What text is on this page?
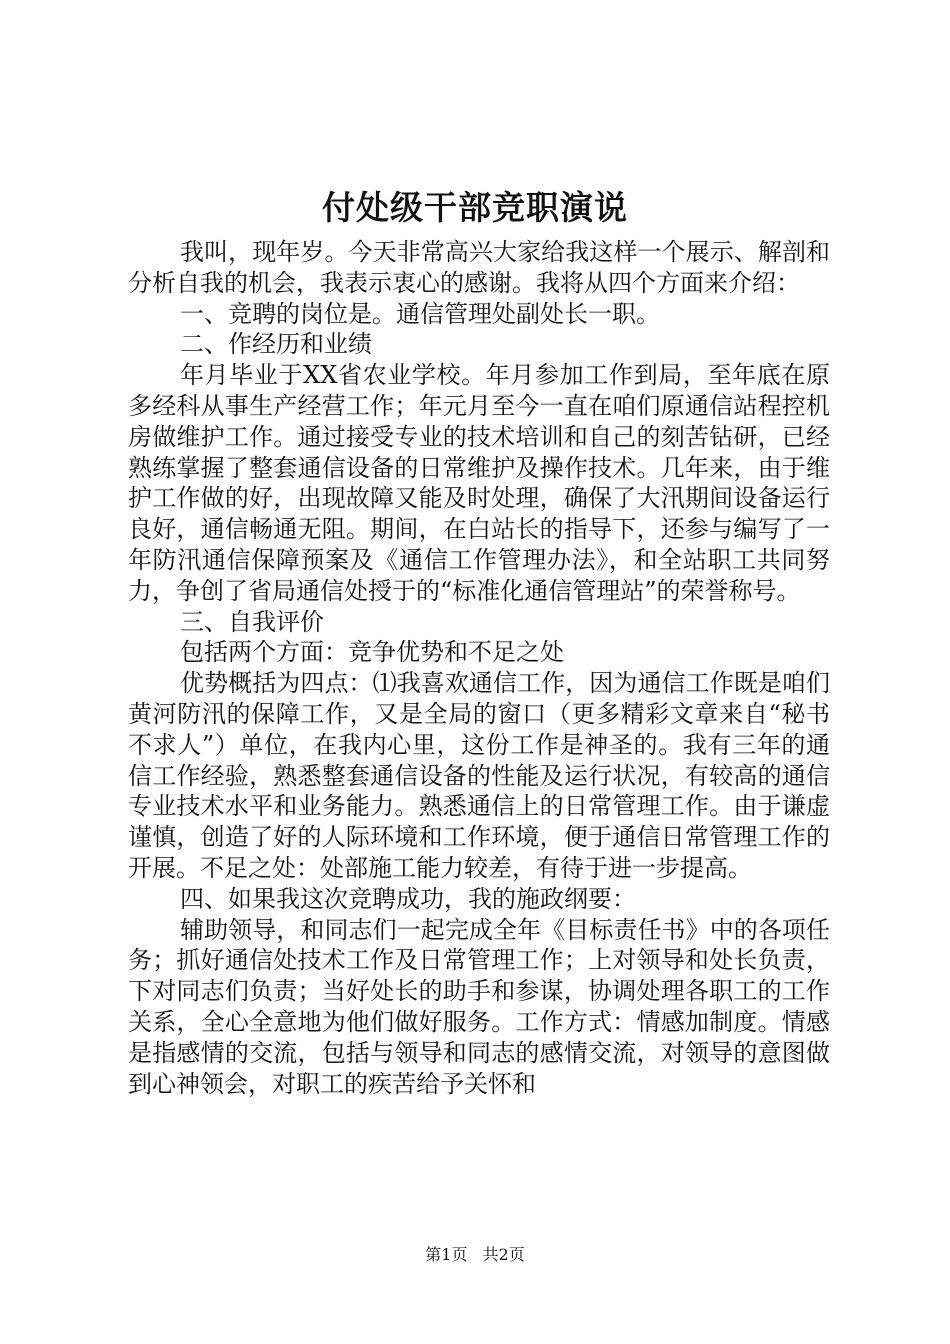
付处级干部竞职演说

我叫，现年岁。今天非常高兴大家给我这样一个展示、解剖和分析自我的机会，我表示衷心的感谢。我将从四个方面来介绍：

一、竞聘的岗位是。通信管理处副处长一职。

二、作经历和业绩

年月毕业于XX省农业学校。年月参加工作到局，至年底在原多经科从事生产经营工作；年元月至今一直在咱们原通信站程控机房做维护工作。通过接受专业的技术培训和自己的刻苦钻研，已经熟练掌握了整套通信设备的日常维护及操作技术。几年来，由于维护工作做的好，出现故障又能及时处理，确保了大汛期间设备运行良好，通信畅通无阻。期间，在白站长的指导下，还参与编写了一年防汛通信保障预案及《通信工作管理办法》，和全站职工共同努力，争创了省局通信处授于的“标准化通信管理站”的荣誉称号。

三、自我评价

包括两个方面：竞争优势和不足之处

优势概括为四点：⑴我喜欢通信工作，因为通信工作既是咱们黄河防汛的保障工作，又是全局的窗口（更多精彩文章来自“秘书不求人”）单位，在我内心里，这份工作是神圣的。我有三年的通信工作经验，熟悉整套通信设备的性能及运行状况，有较高的通信专业技术水平和业务能力。熟悉通信上的日常管理工作。由于谦虚谨慎，创造了好的人际环境和工作环境，便于通信日常管理工作的开展。不足之处：处部施工能力较差，有待于进一步提高。

四、如果我这次竞聘成功，我的施政纲要：

辅助领导，和同志们一起完成全年《目标责任书》中的各项任务；抓好通信处技术工作及日常管理工作；上对领导和处长负责，下对同志们负责；当好处长的助手和参谋，协调处理各职工的工作关系，全心全意地为他们做好服务。工作方式：情感加制度。情感是指感情的交流，包括与领导和同志的感情交流，对领导的意图做到心神领会，对职工的疾苦给予关怀和

第1页 共2页
